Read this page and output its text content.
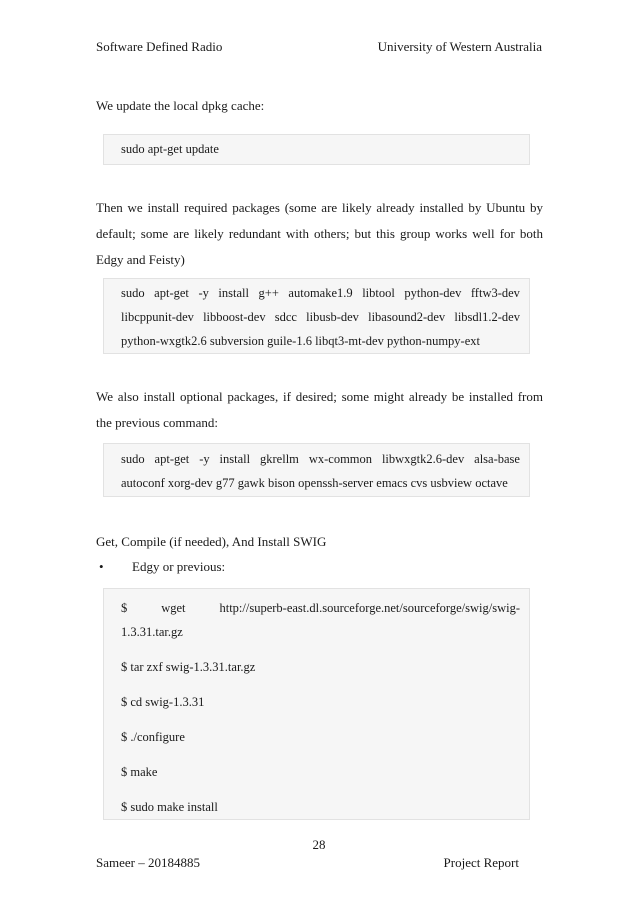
Software Defined Radio	University of Western Australia
We update the local dpkg cache:
sudo apt-get update
Then we install required packages (some are likely already installed by Ubuntu by default; some are likely redundant with others; but this group works well for both Edgy and Feisty)
sudo apt-get -y install g++ automake1.9 libtool python-dev fftw3-dev
libcppunit-dev libboost-dev sdcc libusb-dev libasound2-dev libsdl1.2-dev
python-wxgtk2.6 subversion guile-1.6 libqt3-mt-dev python-numpy-ext
We also install optional packages, if desired; some might already be installed from the previous command:
sudo apt-get -y install gkrellm wx-common libwxgtk2.6-dev alsa-base
autoconf xorg-dev g77 gawk bison openssh-server emacs cvs usbview octave
Get, Compile (if needed), And Install SWIG
• Edgy or previous:
$	wget	http://superb-east.dl.sourceforge.net/sourceforge/swig/swig-
1.3.31.tar.gz
$ tar zxf swig-1.3.31.tar.gz
$ cd swig-1.3.31
$ ./configure
$ make
$ sudo make install
28
Sameer – 20184885	Project Report
